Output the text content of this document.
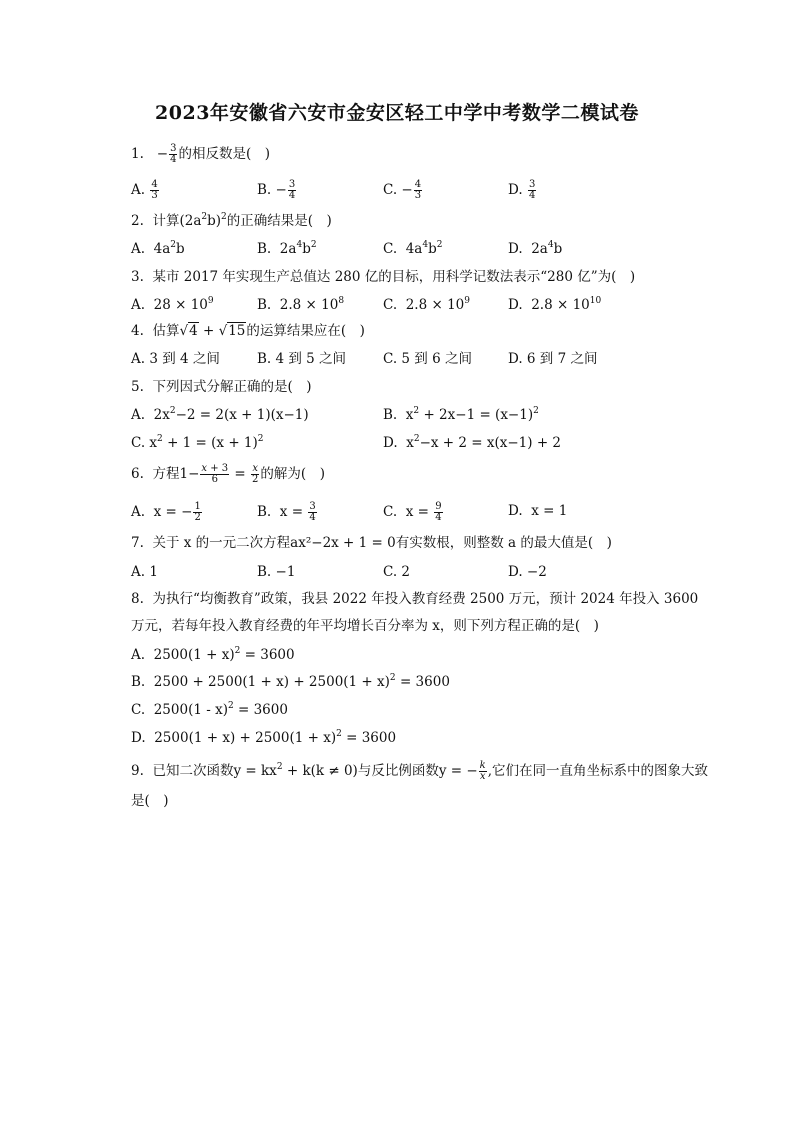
2023年安徽省六安市金安区轻工中学中考数学二模试卷
1.   − $\frac{3}{4}$ 的相反数是(　)
A. $\frac{4}{3}$	B. − $\frac{3}{4}$	C. − $\frac{4}{3}$	D. $\frac{3}{4}$
2. 计算$(2a^2b)^2$的正确结果是(　)
A.  $4a^2b$	B.  $2a^4b^2$	C.  $4a^4b^2$	D.  $2a^4b$
3. 某市 2017 年实现生产总值达 280 亿的目标，用科学记数法表示“280 亿”为(　)
A.  $28 \times 10^9$	B.  $2.8 \times 10^8$	C.  $2.8 \times 10^9$	D.  $2.8 \times 10^{10}$
4. 估算√4 + √15的运算结果应在(　)
A. 3 到 4 之间	B. 4 到 5 之间	C. 5 到 6 之间	D. 6 到 7 之间
5. 下列因式分解正确的是(　)
A.  $2x^2-2 = 2(x + 1)(x-1)$	B.  $x^2 + 2x-1 = (x-1)^2$
C. $x^2 + 1 = (x + 1)^2$	D.  $x^2-x + 2 = x(x-1) + 2$
6. 方程$1- \frac{x + 3}{6} = \frac{x}{2}$ 的解为(　)
A.  x = − $\frac{1}{2}$	B.  $x = \frac{3}{4}$	C.  $x = \frac{9}{4}$	D.  x = 1
7. 关于 x 的一元二次方程ax²−2x + 1 = 0有实数根，则整数 a 的最大值是(　)
A. 1	B. −1	C. 2	D. −2
8. 为执行“均衡教育”政策，我县 2022 年投入教育经费 2500 万元，预计 2024 年投入 3600
万元，若每年投入教育经费的年平均增长百分率为 x，则下列方程正确的是(　)
A.  $2500(1 + x)^2 = 3600$
B.  $2500 + 2500(1 + x) + 2500(1 + x)^2 = 3600$
C.  2500(1 - x)$^2$ = 3600
D.  $2500(1 + x) + 2500(1 + x)^2 = 3600$
9. 已知二次函数$y = kx^2 + k(k \ne 0)$与反比例函数y = − $\frac{k}{x}$ ,它们在同一直角坐标系中的图象大致
是(　)
